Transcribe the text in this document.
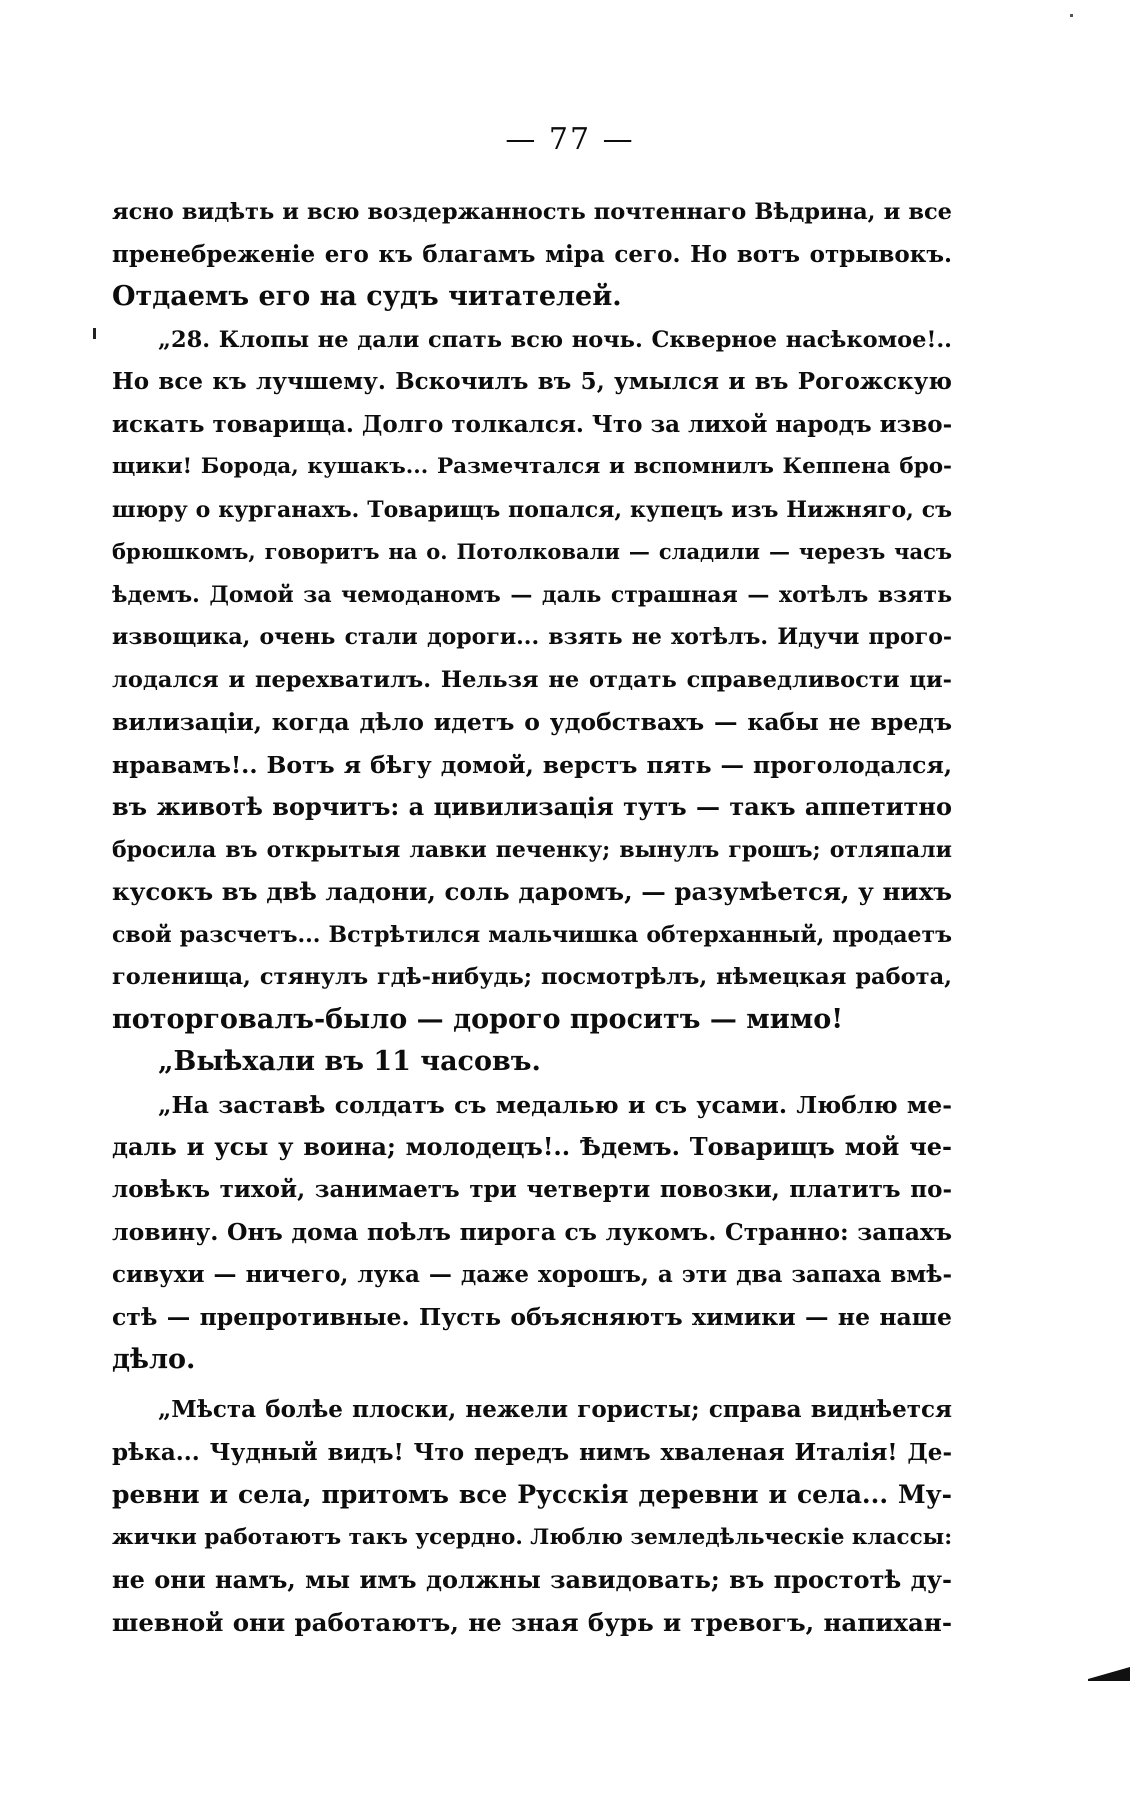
— 77 —
ясно видѣть и всю воздержанность почтеннаго Вѣдрина, и все
пренебреженіе его къ благамъ міра сего. Но вотъ отрывокъ.
Отдаемъ его на судъ читателей.
„28. Клопы не дали спать всю ночь. Скверное насѣкомое!..
Но все къ лучшему. Вскочилъ въ 5, умылся и въ Рогожскую
искать товарища. Долго толкался. Что за лихой народъ изво-
щики! Борода, кушакъ... Размечтался и вспомнилъ Кеппена бро-
шюру о курганахъ. Товарищъ попался, купецъ изъ Нижняго, съ
брюшкомъ, говоритъ на о. Потолковали — сладили — черезъ часъ
ѣдемъ. Домой за чемоданомъ — даль страшная — хотѣлъ взять
извощика, очень стали дороги... взять не хотѣлъ. Идучи прого-
лодался и перехватилъ. Нельзя не отдать справедливости ци-
вилизаціи, когда дѣло идетъ о удобствахъ — кабы не вредъ
нравамъ!.. Вотъ я бѣгу домой, верстъ пять — проголодался,
въ животѣ ворчитъ: а цивилизація тутъ — такъ аппетитно
бросила въ открытыя лавки печенку; вынулъ грошъ; отляпали
кусокъ въ двѣ ладони, соль даромъ, — разумѣется, у нихъ
свой разсчетъ... Встрѣтился мальчишка обтерханный, продаетъ
голенища, стянулъ гдѣ-нибудь; посмотрѣлъ, нѣмецкая работа,
поторговалъ-было — дорого проситъ — мимо!
„Выѣхали въ 11 часовъ.
„На заставѣ солдатъ съ медалью и съ усами. Люблю ме-
даль и усы у воина; молодецъ!.. Ѣдемъ. Товарищъ мой че-
ловѣкъ тихой, занимаетъ три четверти повозки, платитъ по-
ловину. Онъ дома поѣлъ пирога съ лукомъ. Странно: запахъ
сивухи — ничего, лука — даже хорошъ, а эти два запаха вмѣ-
стѣ — препротивные. Пусть объясняютъ химики — не наше
дѣло.
„Мѣста болѣе плоски, нежели гористы; справа виднѣется
рѣка... Чудный видъ! Что передъ нимъ хваленая Италія! Де-
ревни и села, притомъ все Русскія деревни и села... Му-
жички работаютъ такъ усердно. Люблю земледѣльческіе классы:
не они намъ, мы имъ должны завидовать; въ простотѣ ду-
шевной они работаютъ, не зная бурь и тревогъ, напихан-
